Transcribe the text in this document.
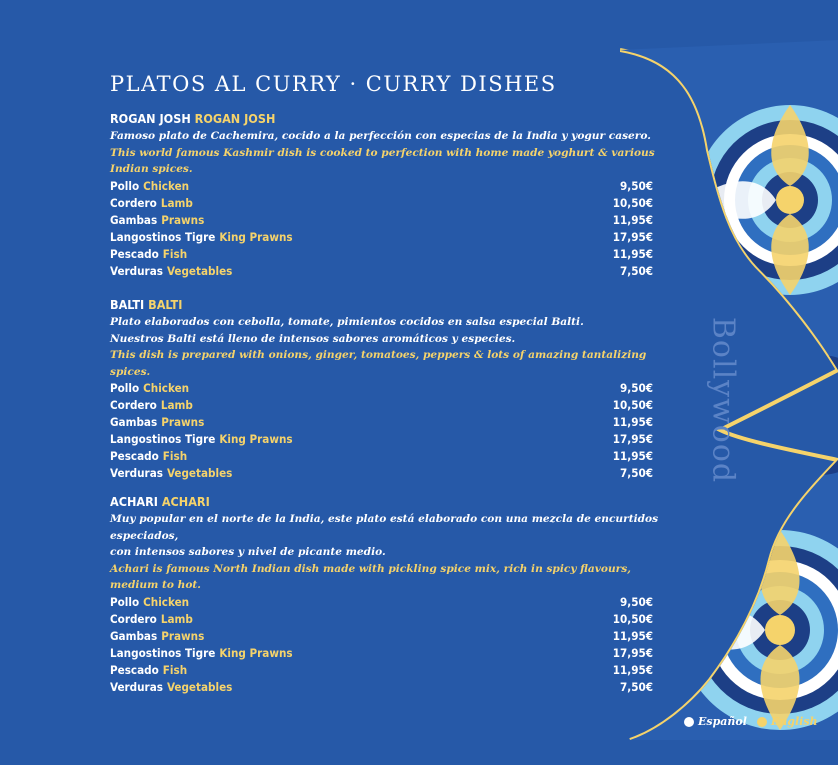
Bollywood
PLATOS AL CURRY · CURRY DISHES
ROGAN JOSH ROGAN JOSH
Famoso plato de Cachemira, cocido a la perfección con especias de la India y yogur casero.
This world famous Kashmir dish is cooked to perfection with home made yoghurt & various Indian spices.
Pollo Chicken	9,50€
Cordero Lamb	10,50€
Gambas Prawns	11,95€
Langostinos Tigre King Prawns	17,95€
Pescado Fish	11,95€
Verduras Vegetables	7,50€
BALTI BALTI
Plato elaborados con cebolla, tomate, pimientos cocidos en salsa especial Balti.
Nuestros Balti está lleno de intensos sabores aromáticos y especies.
This dish is prepared with onions, ginger, tomatoes, peppers & lots of amazing tantalizing spices.
Pollo Chicken	9,50€
Cordero Lamb	10,50€
Gambas Prawns	11,95€
Langostinos Tigre King Prawns	17,95€
Pescado Fish	11,95€
Verduras Vegetables	7,50€
ACHARI ACHARI
Muy popular en el norte de la India, este plato está elaborado con una mezcla de encurtidos especiados,
con intensos sabores y nivel de picante medio.
Achari is famous North Indian dish made with pickling spice mix, rich in spicy flavours, medium to hot.
Pollo Chicken	9,50€
Cordero Lamb	10,50€
Gambas Prawns	11,95€
Langostinos Tigre King Prawns	17,95€
Pescado Fish	11,95€
Verduras Vegetables	7,50€
Español English
